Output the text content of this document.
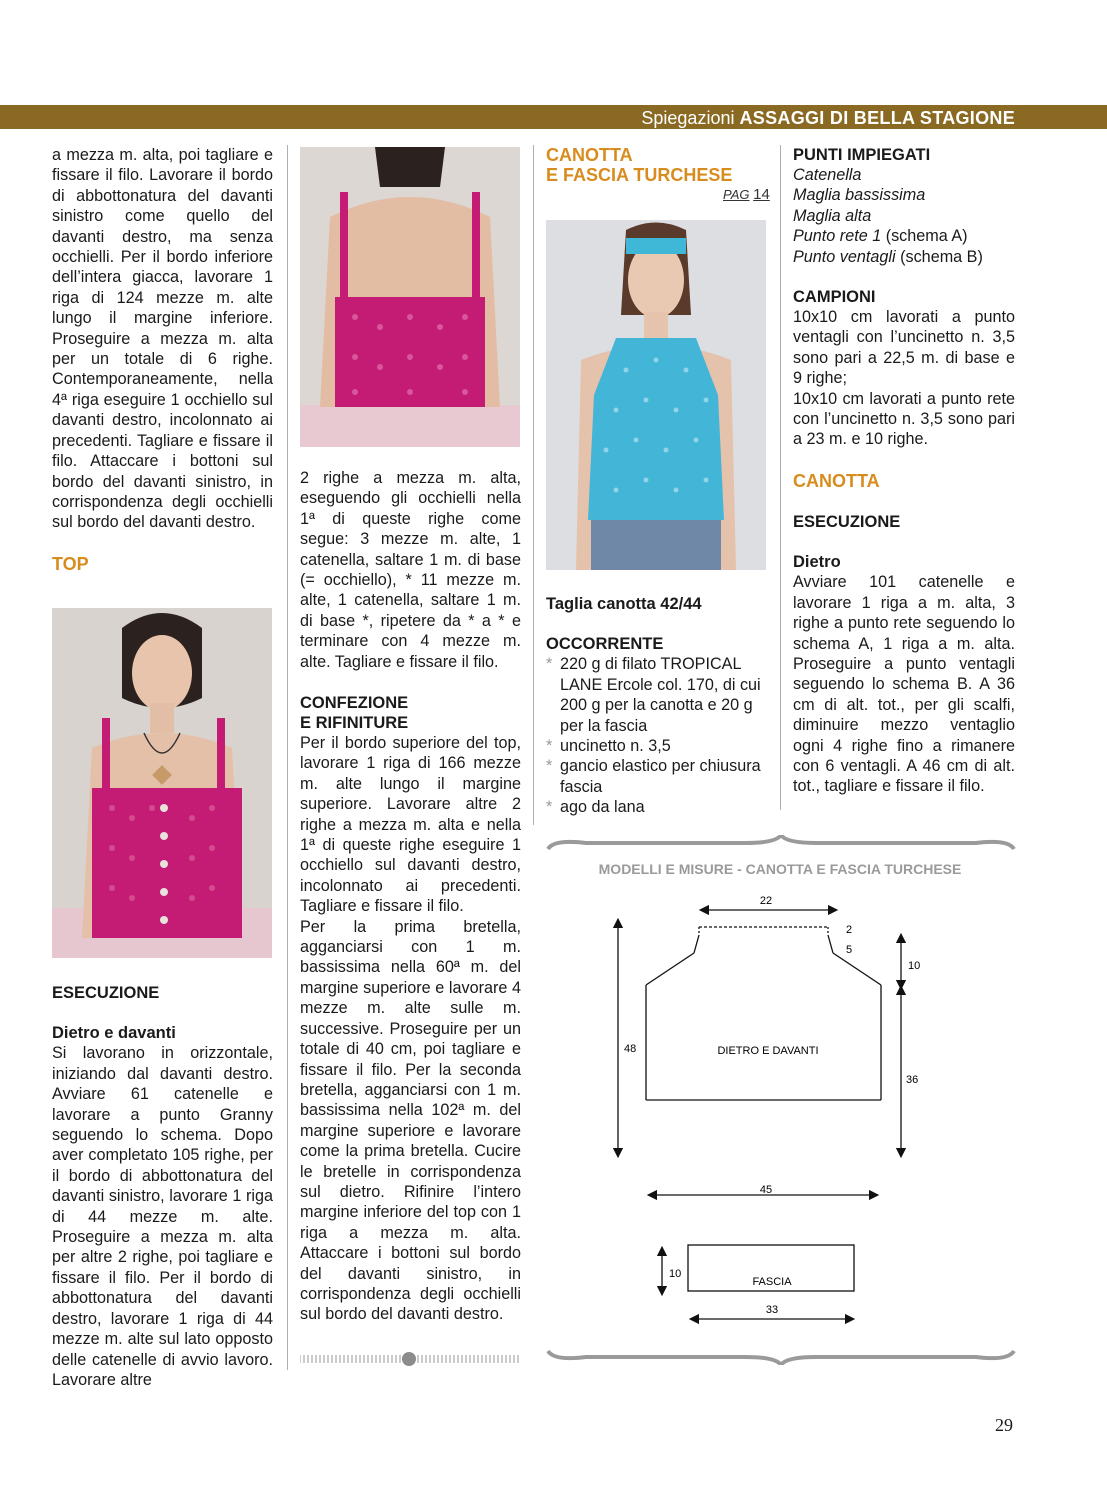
Spiegazioni ASSAGGI DI BELLA STAGIONE

a mezza m. alta, poi tagliare e fissare il filo. Lavorare il bordo di abbottonatura del davanti sinistro come quello del davanti destro, ma senza occhielli. Per il bordo inferiore dell’intera giacca, lavorare 1 riga di 124 mezze m. alte lungo il margine inferiore. Proseguire a mezza m. alta per un totale di 6 righe. Contemporaneamente, nella 4ª riga eseguire 1 occhiello sul davanti destro, incolonnato ai precedenti. Tagliare e fissare il filo. Attaccare i bottoni sul bordo del davanti sinistro, in corrispondenza degli occhielli sul bordo del davanti destro.

TOP
ESECUZIONE
Dietro e davanti

Si lavorano in orizzontale, iniziando dal davanti destro. Avviare 61 catenelle e lavorare a punto Granny seguendo lo schema. Dopo aver completato 105 righe, per il bordo di abbottonatura del davanti sinistro, lavorare 1 riga di 44 mezze m. alte. Proseguire a mezza m. alta per altre 2 righe, poi tagliare e fissare il filo. Per il bordo di abbottonatura del davanti destro, lavorare 1 riga di 44 mezze m. alte sul lato opposto delle catenelle di avvio lavoro. Lavorare altre

2 righe a mezza m. alta, eseguendo gli occhielli nella 1ª di queste righe come segue: 3 mezze m. alte, 1 catenella, saltare 1 m. di base (= occhiello), * 11 mezze m. alte, 1 catenella, saltare 1 m. di base *, ripetere da * a * e terminare con 4 mezze m. alte. Tagliare e fissare il filo.

CONFEZIONE
E RIFINITURE

Per il bordo superiore del top, lavorare 1 riga di 166 mezze m. alte lungo il margine superiore. Lavorare altre 2 righe a mezza m. alta e nella 1ª di queste righe eseguire 1 occhiello sul davanti destro, incolonnato ai precedenti. Tagliare e fissare il filo.

Per la prima bretella, agganciarsi con 1 m. bassissima nella 60ª m. del margine superiore e lavorare 4 mezze m. alte sulle m. successive. Proseguire per un totale di 40 cm, poi tagliare e fissare il filo. Per la seconda bretella, agganciarsi con 1 m. bassissima nella 102ª m. del margine superiore e lavorare come la prima bretella. Cucire le bretelle in corrispondenza sul dietro. Rifinire l’intero margine inferiore del top con 1 riga a mezza m. alta. Attaccare i bottoni sul bordo del davanti sinistro, in corrispondenza degli occhielli sul bordo del davanti destro.

CANOTTA
E FASCIA TURCHESE
PAG 14
Taglia canotta 42/44
OCCORRENTE
* 220 g di filato TROPICAL LANE Ercole col. 170, di cui 200 g per la canotta e 20 g per la fascia
* uncinetto n. 3,5
* gancio elastico per chiusura fascia
* ago da lana
PUNTI IMPIEGATI
Catenella
Maglia bassissima
Maglia alta
Punto rete 1 (schema A)
Punto ventagli (schema B)
CAMPIONI

10x10 cm lavorati a punto ventagli con l’uncinetto n. 3,5 sono pari a 22,5 m. di base e 9 righe;

10x10 cm lavorati a punto rete con l’uncinetto n. 3,5 sono pari a 23 m. e 10 righe.

CANOTTA
ESECUZIONE
Dietro

Avviare 101 catenelle e lavorare 1 riga a m. alta, 3 righe a punto rete seguendo lo schema A, 1 riga a m. alta. Proseguire a punto ventagli seguendo lo schema B. A 36 cm di alt. tot., per gli scalfi, diminuire mezzo ventaglio ogni 4 righe fino a rimanere con 6 ventagli. A 46 cm di alt. tot., tagliare e fissare il filo.

MODELLI E MISURE - CANOTTA E FASCIA TURCHESE
22
2
5
10
36
48	DIETRO E DAVANTI
45
FASCIA
10
33
29
